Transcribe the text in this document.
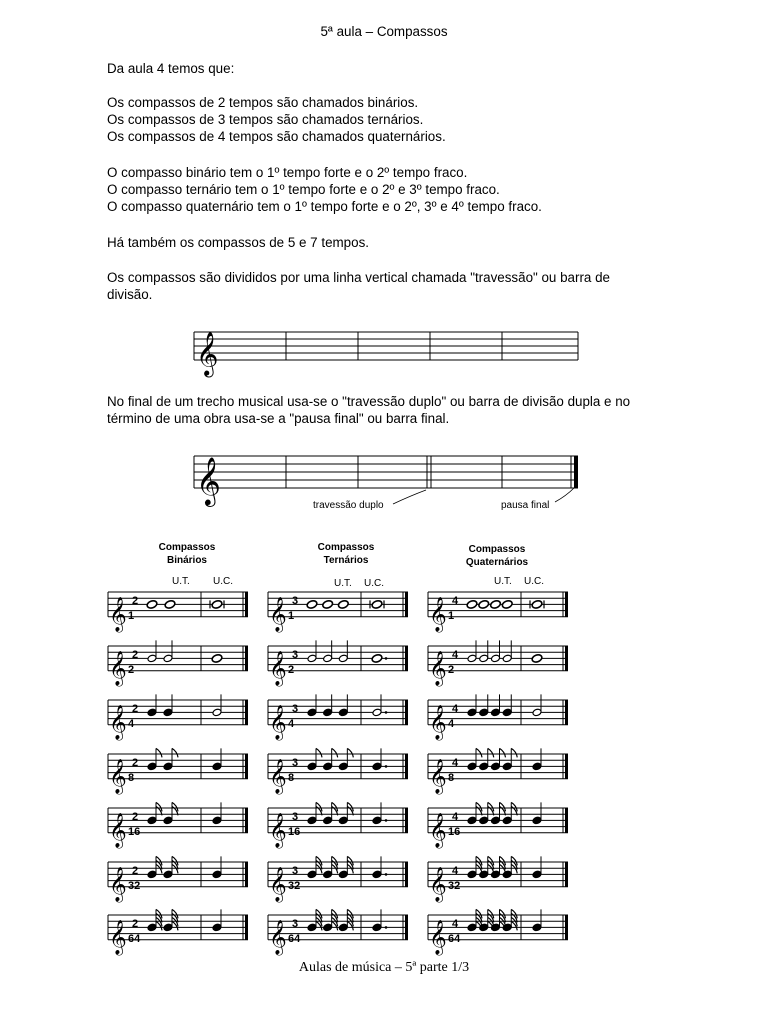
5ª aula – Compassos
Da aula 4 temos que:
Os compassos de 2 tempos são chamados binários.
Os compassos de 3 tempos são chamados ternários.
Os compassos de 4 tempos são chamados quaternários.
O compasso binário tem o 1º tempo forte e o 2º tempo fraco.
O compasso ternário tem o 1º tempo forte e o 2º e 3º tempo fraco.
O compasso quaternário tem o 1º tempo forte e o 2º, 3º e 4º tempo fraco.
Há também os compassos de 5 e 7 tempos.
Os compassos são divididos por uma linha vertical chamada "travessão" ou barra de
divisão.
𝄞
No final de um trecho musical usa-se o "travessão duplo" ou barra de divisão dupla e no
término de uma obra usa-se a "pausa final" ou barra final.
𝄞
travessão duplo	pausa final
Compassos
Binários
Compassos
Ternários
Compassos
Quaternários
U.T. U.C.	U.T. U.C.	U.T. U.C.
𝄞 2
1
𝄞 2
2
𝄞 2
4
𝄞 2
8
𝄞 2
16
𝄞 2
32
𝄞 2
64
𝄞 3
1
𝄞 3
2
𝄞 3
4
𝄞 3
8
𝄞 3
16
𝄞 3
32
𝄞 3
64
𝄞 4
1
𝄞 4
2
𝄞 4
4
𝄞 4
8
𝄞 4
16
𝄞 4
32
𝄞 4
64
Aulas de música – 5ª parte 1/3
